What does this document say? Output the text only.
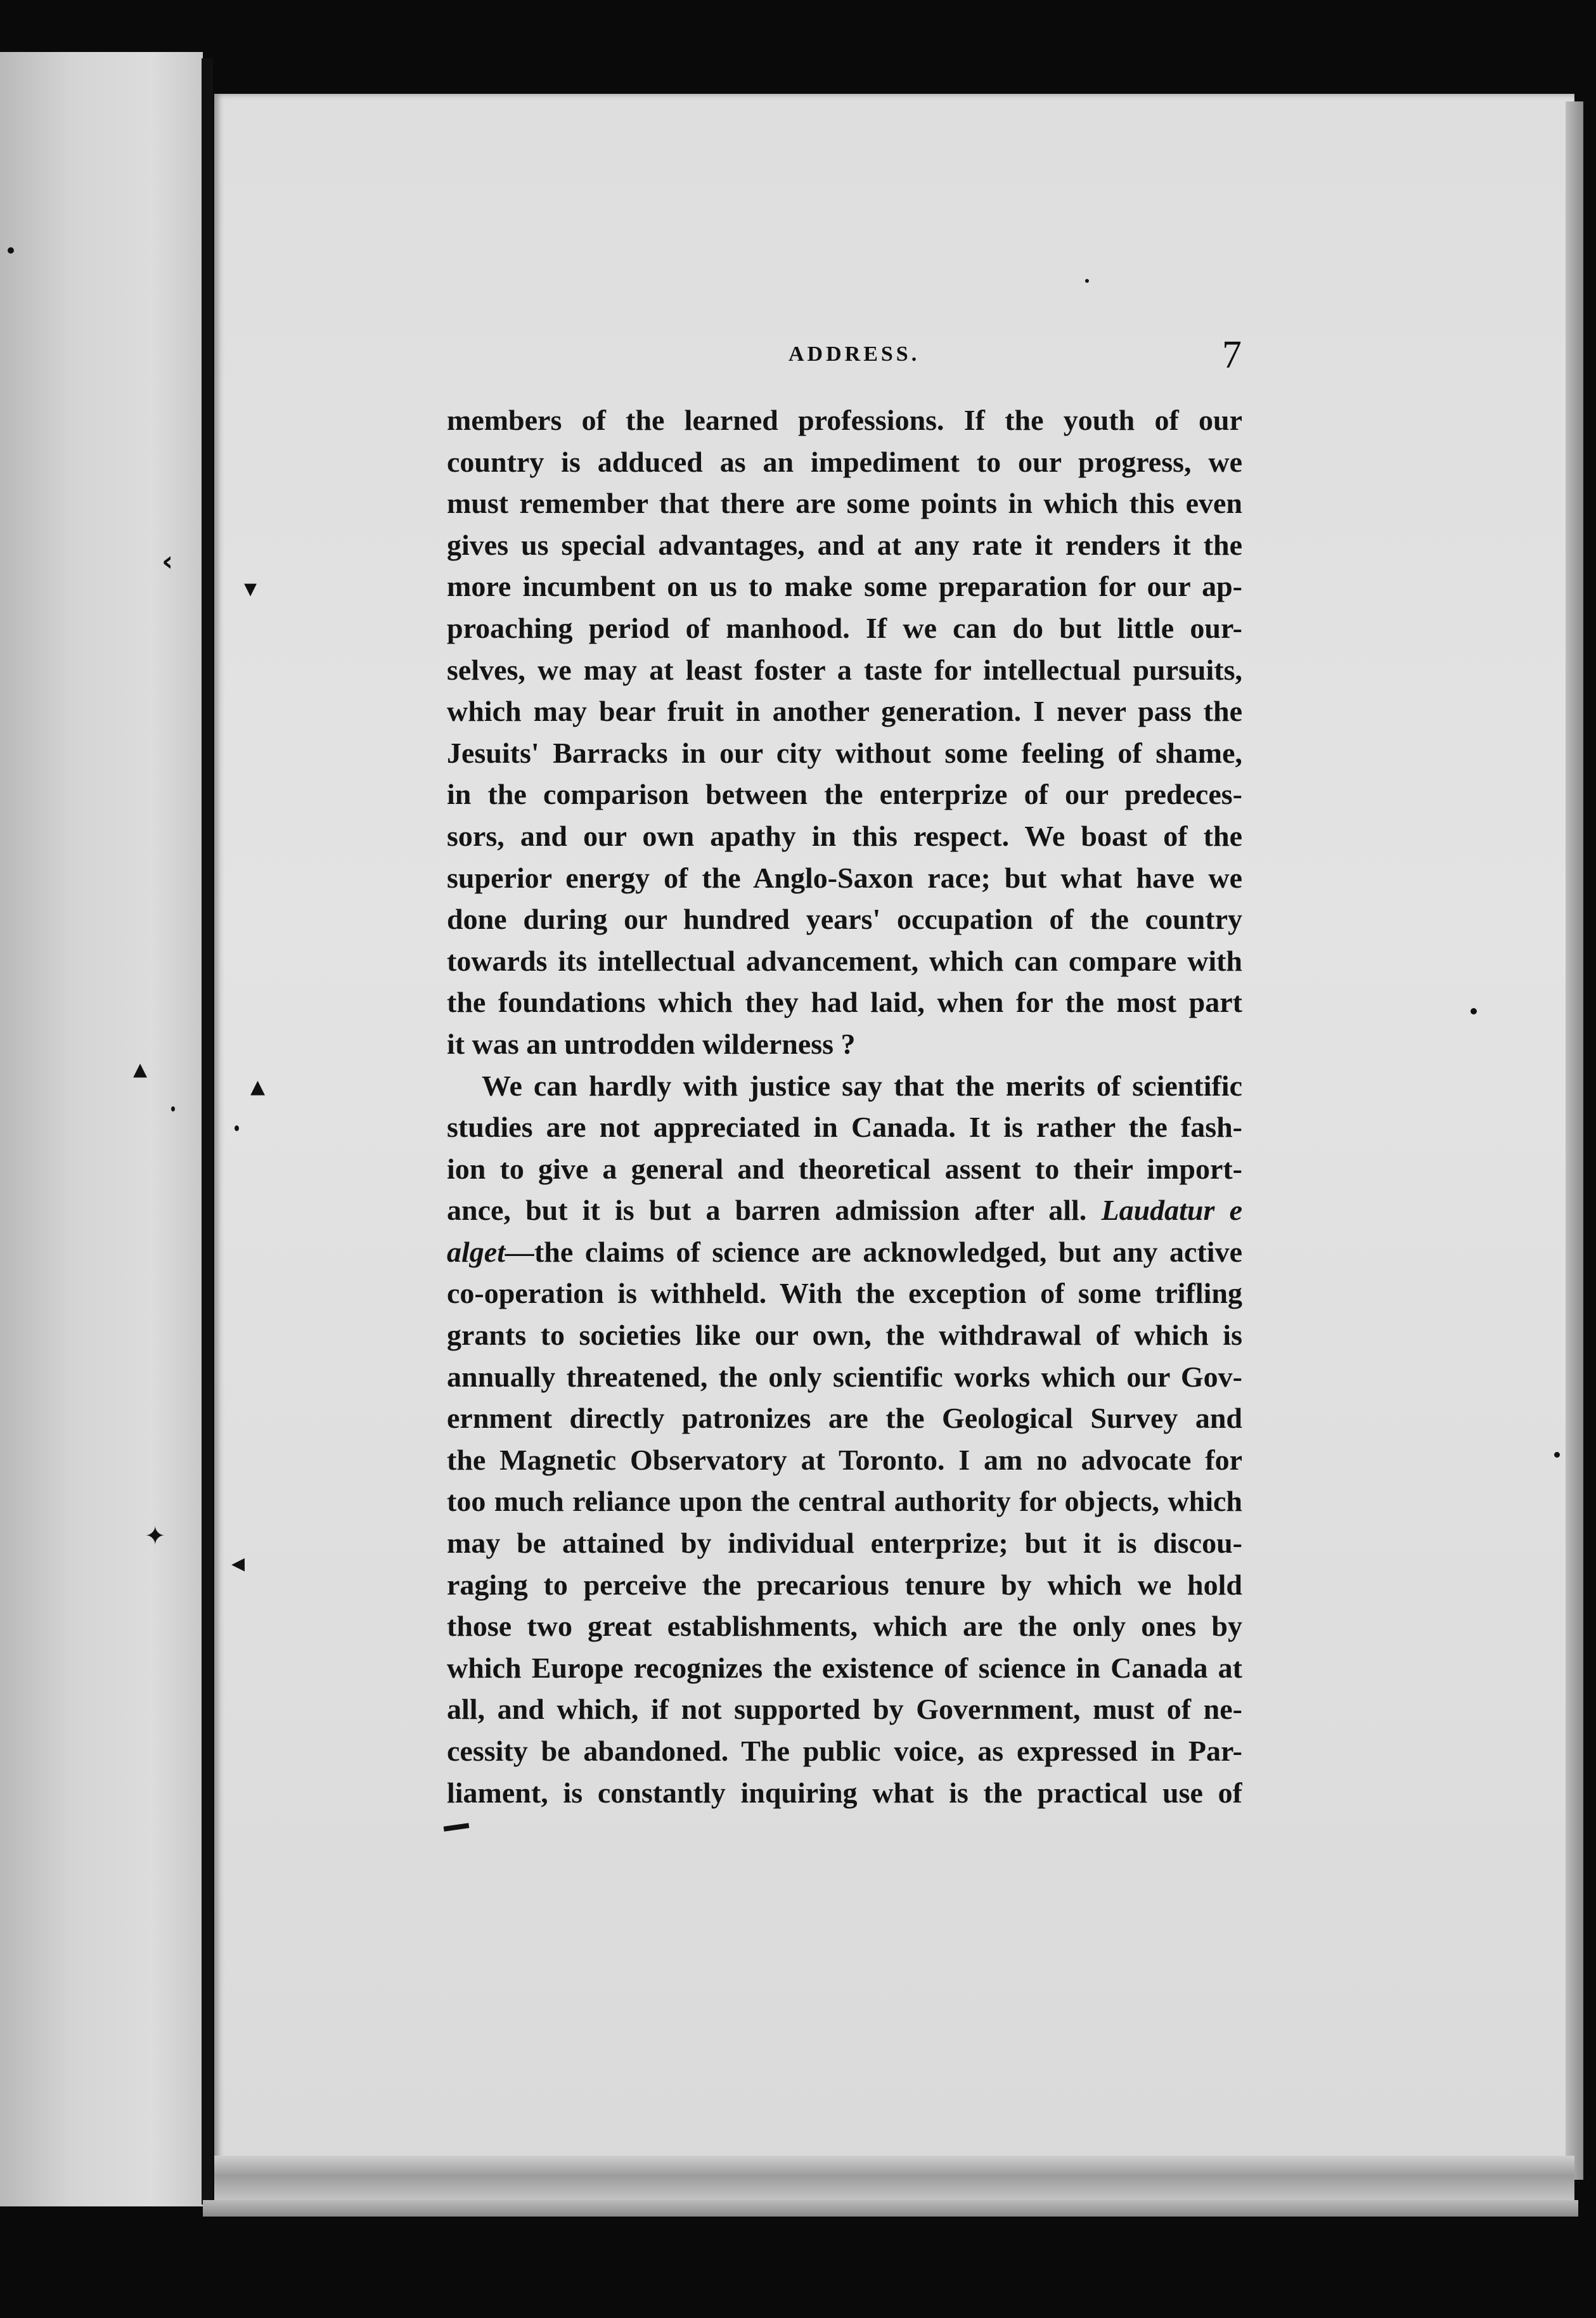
ADDRESS.	7
members of the learned professions. If the youth of our
country is adduced as an impediment to our progress, we
must remember that there are some points in which this even
gives us special advantages, and at any rate it renders it the
more incumbent on us to make some preparation for our ap-
proaching period of manhood. If we can do but little our-
selves, we may at least foster a taste for intellectual pursuits,
which may bear fruit in another generation. I never pass the
Jesuits' Barracks in our city without some feeling of shame,
in the comparison between the enterprize of our predeces-
sors, and our own apathy in this respect. We boast of the
superior energy of the Anglo-Saxon race; but what have we
done during our hundred years' occupation of the country
towards its intellectual advancement, which can compare with
the foundations which they had laid, when for the most part
it was an untrodden wilderness ?
We can hardly with justice say that the merits of scientific
studies are not appreciated in Canada. It is rather the fash-
ion to give a general and theoretical assent to their import-
ance, but it is but a barren admission after all. Laudatur e
alget—the claims of science are acknowledged, but any active
co-operation is withheld. With the exception of some trifling
grants to societies like our own, the withdrawal of which is
annually threatened, the only scientific works which our Gov-
ernment directly patronizes are the Geological Survey and
the Magnetic Observatory at Toronto. I am no advocate for
too much reliance upon the central authority for objects, which
may be attained by individual enterprize; but it is discou-
raging to perceive the precarious tenure by which we hold
those two great establishments, which are the only ones by
which Europe recognizes the existence of science in Canada at
all, and which, if not supported by Government, must of ne-
cessity be abandoned. The public voice, as expressed in Par-
liament, is constantly inquiring what is the practical use of
‹
▾
▴	▴
✦
◂
